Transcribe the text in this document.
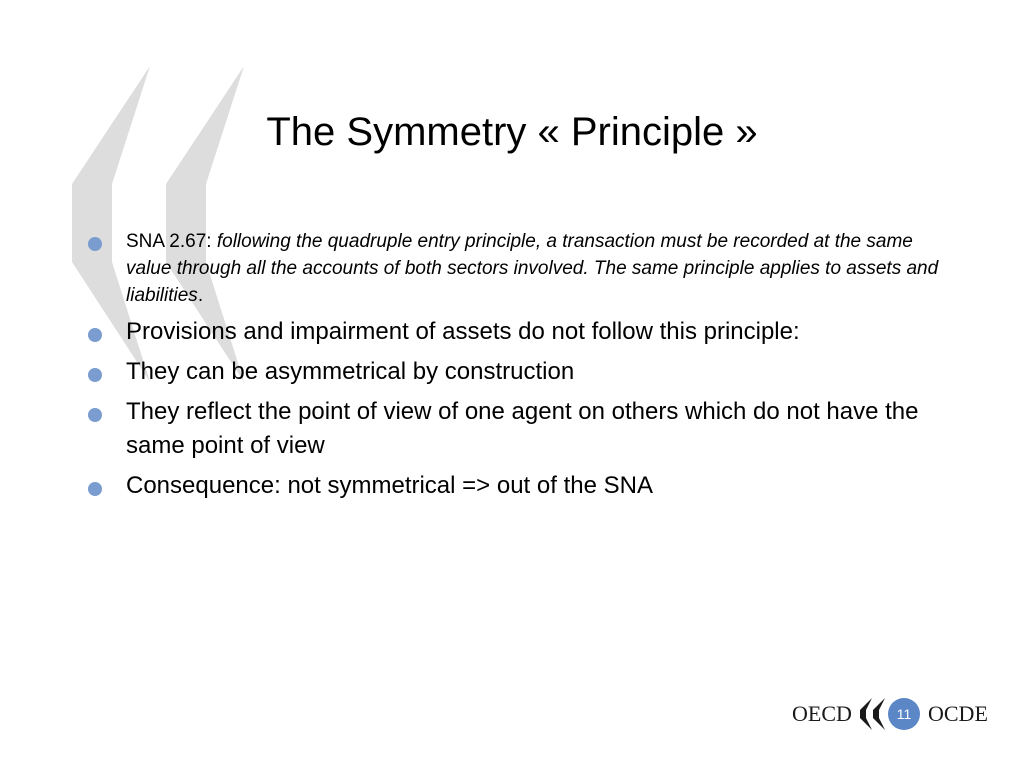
The Symmetry « Principle »
SNA 2.67: following the quadruple entry principle, a transaction must be recorded at the same value through all the accounts of both sectors involved. The same principle applies to assets and liabilities.
Provisions and impairment of assets do not follow this principle:
They can be asymmetrical by construction
They reflect the point of view of one agent on others which do not have the same point of view
Consequence: not symmetrical => out of the SNA
OECD	11 OCDE
